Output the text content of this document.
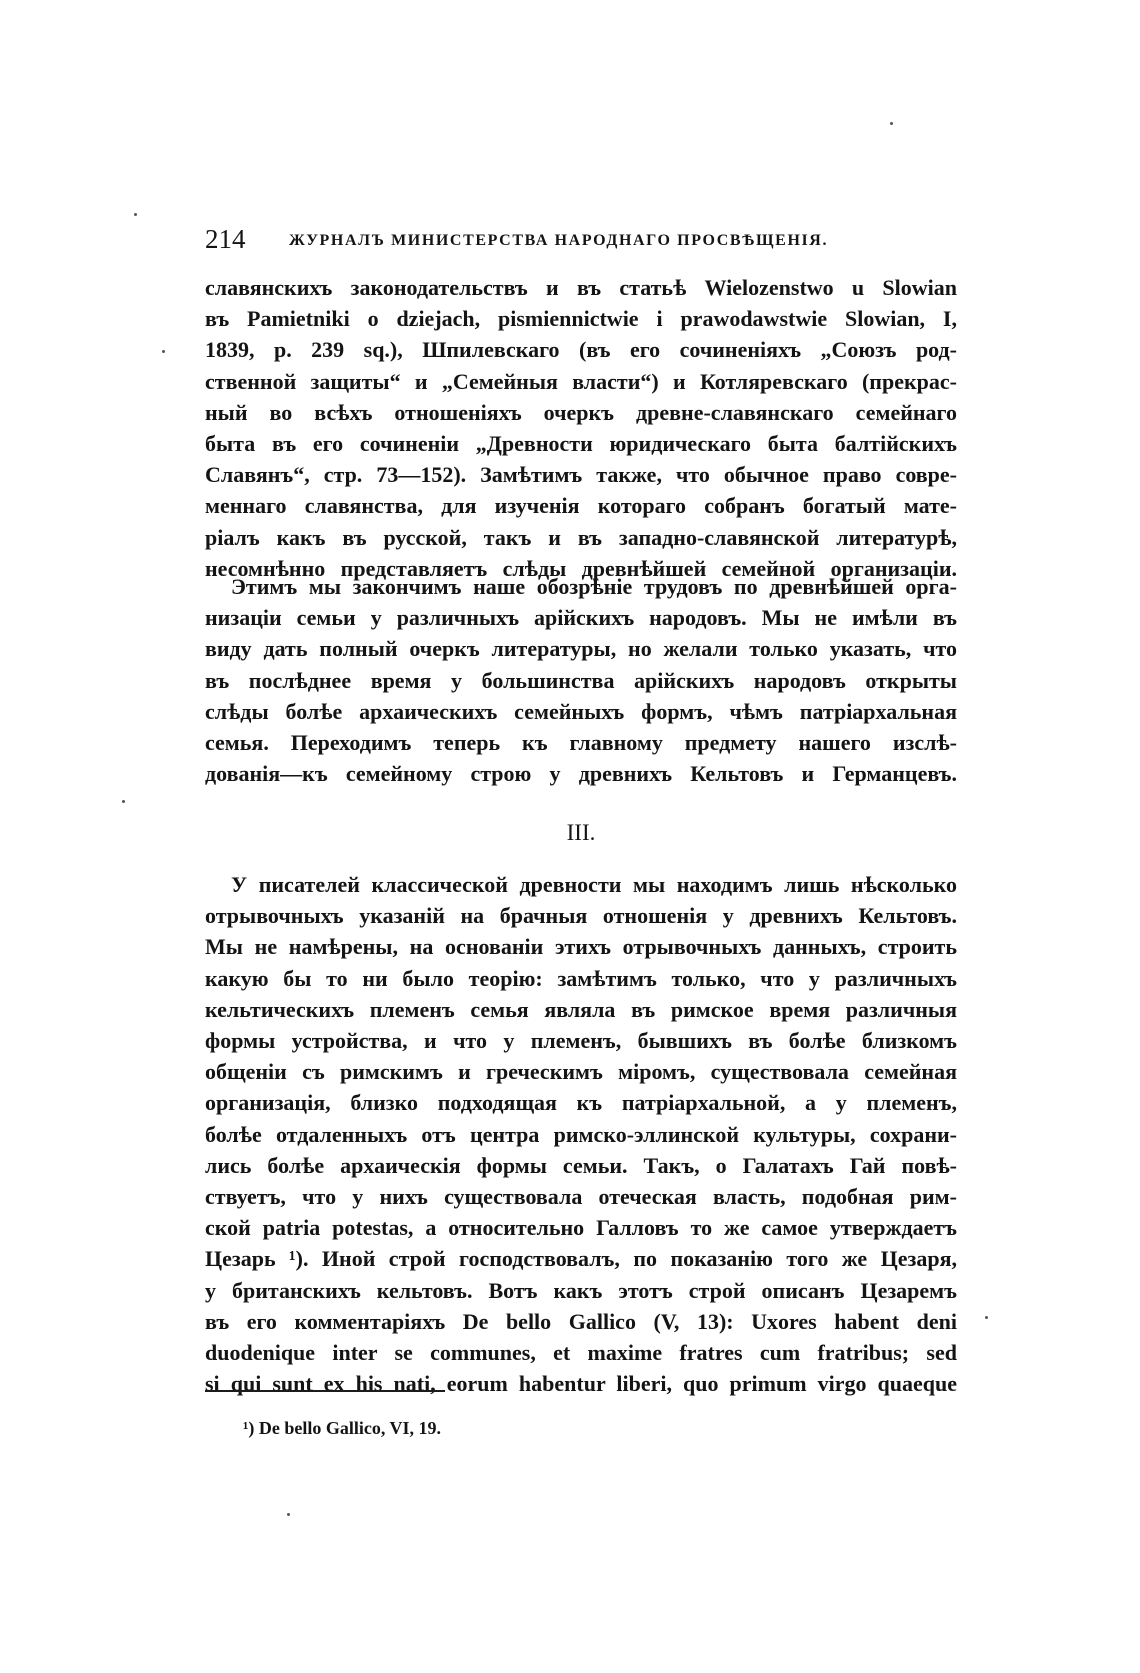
214	ЖУРНАЛЪ МИНИСТЕРСТВА НАРОДНАГО ПРОСВѢЩЕНІЯ.
славянскихъ законодательствъ и въ статьѣ Wielozenstwo u Slowian
въ Pamietniki o dziejach, pismiennictwie i prawodawstwie Slowian, I,
1839, p. 239 sq.), Шпилевскаго (въ его сочиненіяхъ „Союзъ род-
ственной защиты“ и „Семейныя власти“) и Котляревскаго (прекрас-
ный во всѣхъ отношеніяхъ очеркъ древне-славянскаго семейнаго
быта въ его сочиненіи „Древности юридическаго быта балтійскихъ
Славянъ“, стр. 73—152). Замѣтимъ также, что обычное право совре-
меннаго славянства, для изученія котораго собранъ богатый мате-
ріалъ какъ въ русской, такъ и въ западно-славянской литературѣ,
несомнѣнно представляетъ слѣды древнѣйшей семейной организаціи.
Этимъ мы закончимъ наше обозрѣніе трудовъ по древнѣйшей орга-
низаціи семьи у различныхъ арійскихъ народовъ. Мы не имѣли въ
виду дать полный очеркъ литературы, но желали только указать, что
въ послѣднее время у большинства арійскихъ народовъ открыты
слѣды болѣе архаическихъ семейныхъ формъ, чѣмъ патріархальная
семья. Переходимъ теперь къ главному предмету нашего изслѣ-
дованія—къ семейному строю у древнихъ Кельтовъ и Германцевъ.
III.
У писателей классической древности мы находимъ лишь нѣсколько
отрывочныхъ указаній на брачныя отношенія у древнихъ Кельтовъ.
Мы не намѣрены, на основаніи этихъ отрывочныхъ данныхъ, строить
какую бы то ни было теорію: замѣтимъ только, что у различныхъ
кельтическихъ племенъ семья являла въ римское время различныя
формы устройства, и что у племенъ, бывшихъ въ болѣе близкомъ
общеніи съ римскимъ и греческимъ міромъ, существовала семейная
организація, близко подходящая къ патріархальной, а у племенъ,
болѣе отдаленныхъ отъ центра римско-эллинской культуры, сохрани-
лись болѣе архаическія формы семьи. Такъ, о Галатахъ Гай повѣ-
ствуетъ, что у нихъ существовала отеческая власть, подобная рим-
ской patria potestas, а относительно Галловъ то же самое утверждаетъ
Цезарь ¹). Иной строй господствовалъ, по показанію того же Цезаря,
у британскихъ кельтовъ. Вотъ какъ этотъ строй описанъ Цезаремъ
въ его комментаріяхъ De bello Gallico (V, 13): Uxores habent deni
duodenique inter se communes, et maxime fratres cum fratribus; sed
si qui sunt ex his nati, eorum habentur liberi, quo primum virgo quaeque
¹) De bello Gallico, VI, 19.
